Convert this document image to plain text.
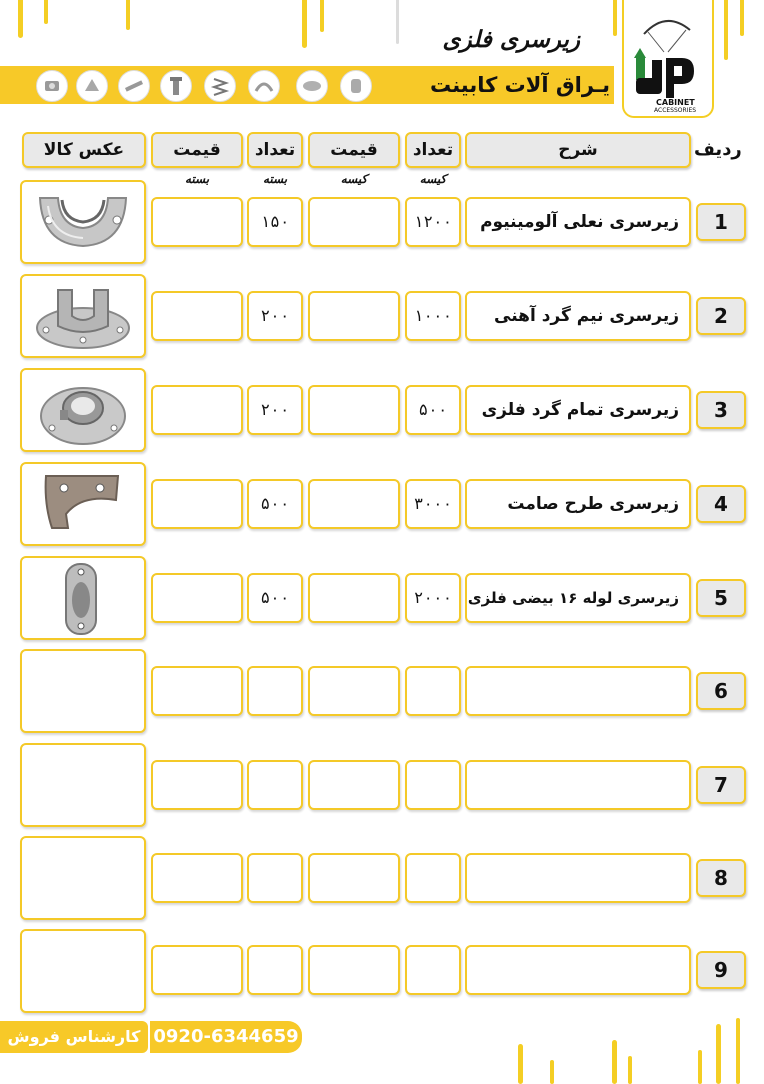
زیرسری فلزی
یـراق آلات کابینت
CABINET
ACCESSORIES
ردیف
شرح
تعداد
قیمت
تعداد
قیمت
عکس کالا
کیسه
کیسه
بسته
بسته
1
زیرسری نعلی آلومینیوم
۱۲۰۰
۱۵۰
2
زیرسری نیم گرد آهنی
۱۰۰۰
۲۰۰
3
زیرسری تمام گرد فلزی
۵۰۰
۲۰۰
4
زیرسری طرح صامت
۳۰۰۰
۵۰۰
5
زیرسری لوله ۱۶ بیضی فلزی
۲۰۰۰
۵۰۰
6
7
8
9
کارشناس فروش 0920-6344659
